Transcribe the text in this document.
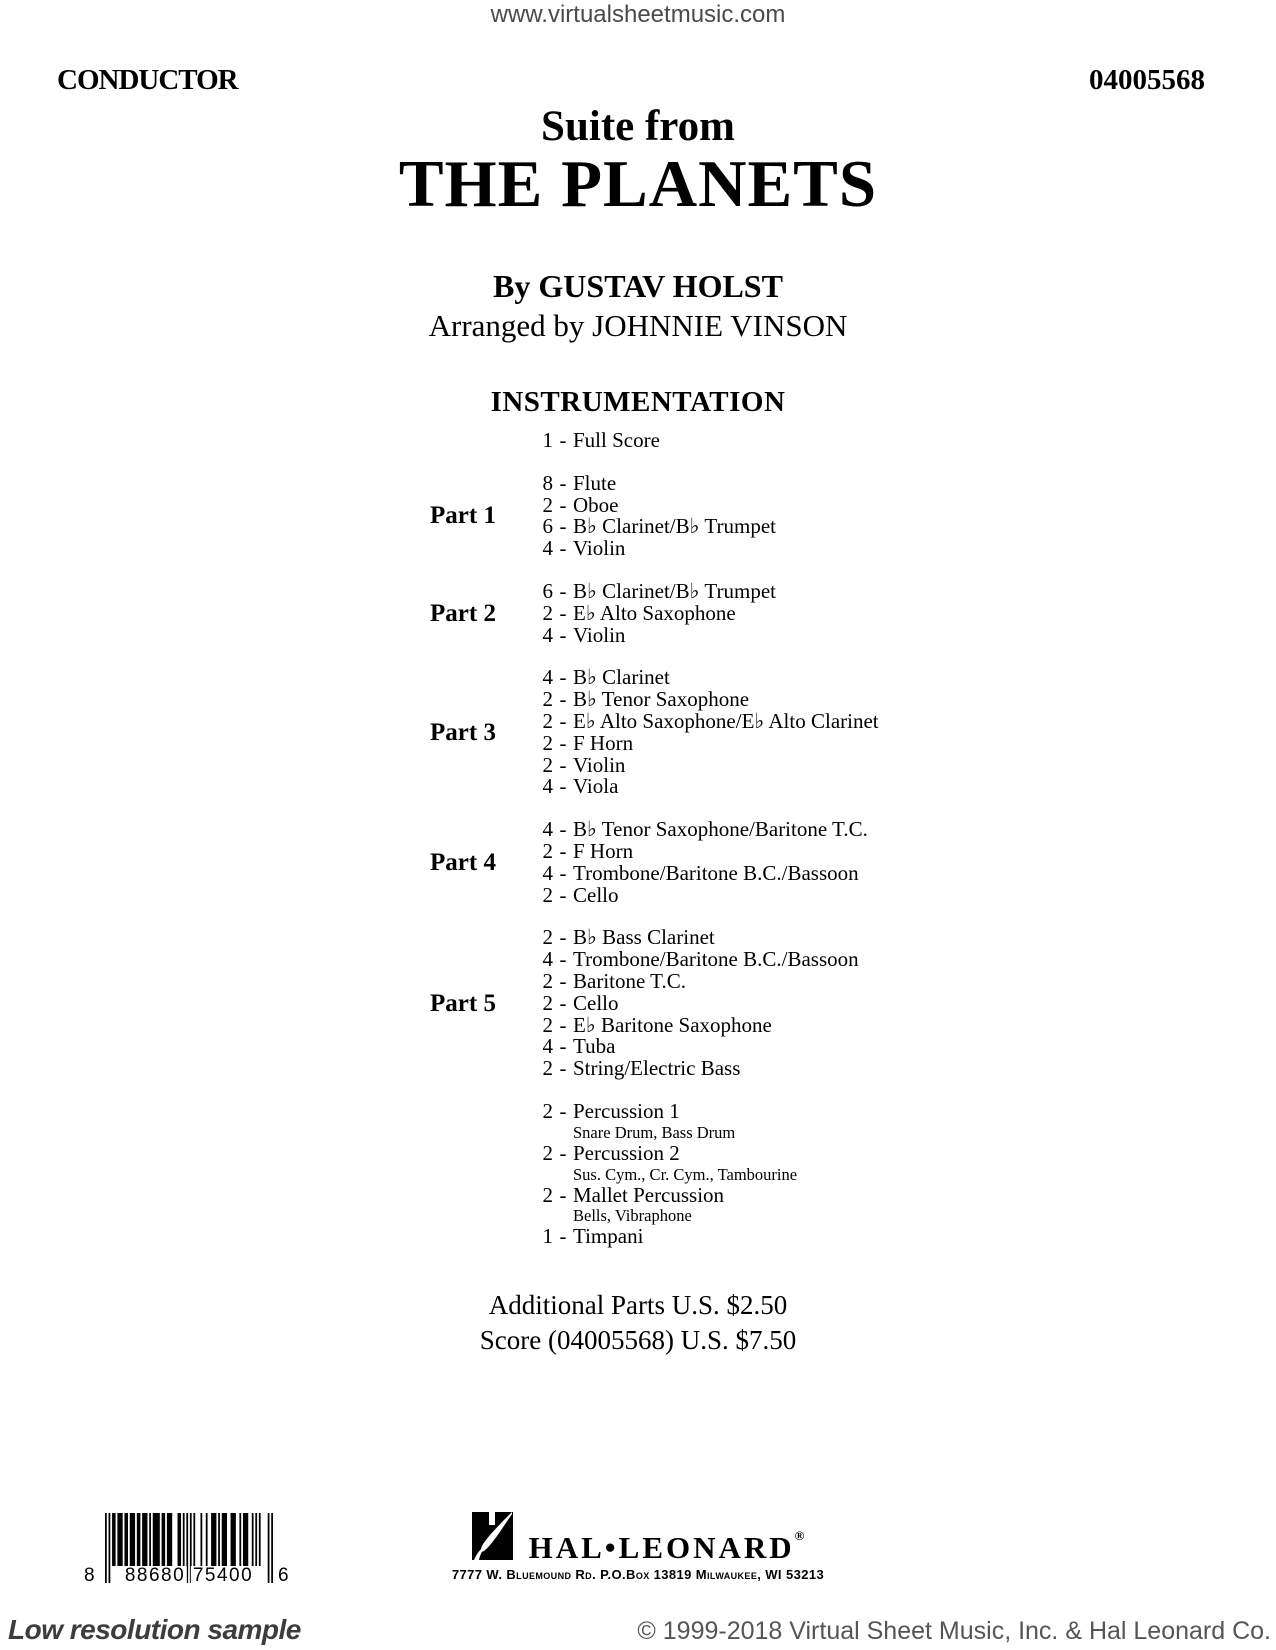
www.virtualsheetmusic.com
CONDUCTOR	04005568
Suite from
THE PLANETS
By GUSTAV HOLST
Arranged by JOHNNIE VINSON
INSTRUMENTATION
1 - Full Score
Part 1
8 - Flute
2 - Oboe
6 - B♭ Clarinet/B♭ Trumpet
4 - Violin
Part 2
6 - B♭ Clarinet/B♭ Trumpet
2 - E♭ Alto Saxophone
4 - Violin
Part 3
4 - B♭ Clarinet
2 - B♭ Tenor Saxophone
2 - E♭ Alto Saxophone/E♭ Alto Clarinet
2 - F Horn
2 - Violin
4 - Viola
Part 4
4 - B♭ Tenor Saxophone/Baritone T.C.
2 - F Horn
4 - Trombone/Baritone B.C./Bassoon
2 - Cello
Part 5
2 - B♭ Bass Clarinet
4 - Trombone/Baritone B.C./Bassoon
2 - Baritone T.C.
2 - Cello
2 - E♭ Baritone Saxophone
4 - Tuba
2 - String/Electric Bass
2 - Percussion 1
Snare Drum, Bass Drum
2 - Percussion 2
Sus. Cym., Cr. Cym., Tambourine
2 - Mallet Percussion
Bells, Vibraphone
1 - Timpani
Additional Parts U.S. $2.50
Score (04005568) U.S. $7.50
8 88680 75400 6
HAL•LEONARD®
7777 W. Bluemound Rd. P.O.Box 13819 Milwaukee, WI 53213
Low resolution sample	© 1999-2018 Virtual Sheet Music, Inc. & Hal Leonard Co.
